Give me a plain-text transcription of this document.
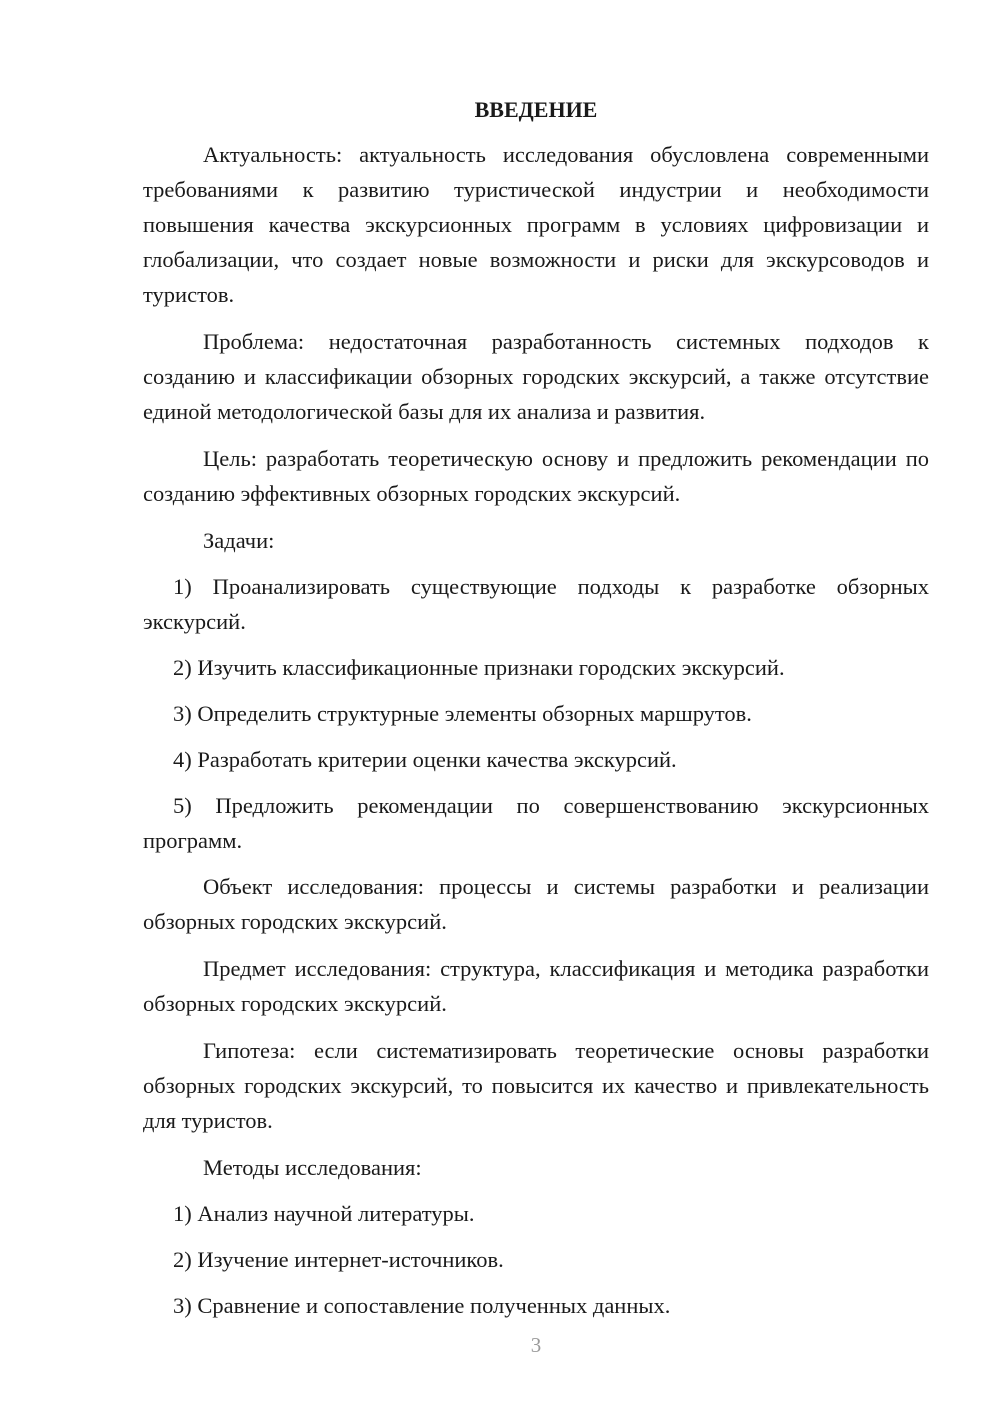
ВВЕДЕНИЕ

Актуальность: актуальность исследования обусловлена современными требованиями к развитию туристической индустрии и необходимости повышения качества экскурсионных программ в условиях цифровизации и глобализации, что создает новые возможности и риски для экскурсоводов и туристов.

Проблема: недостаточная разработанность системных подходов к созданию и классификации обзорных городских экскурсий, а также отсутствие единой методологической базы для их анализа и развития.

Цель: разработать теоретическую основу и предложить рекомендации по созданию эффективных обзорных городских экскурсий.

Задачи:

1) Проанализировать существующие подходы к разработке обзорных экскурсий.

2) Изучить классификационные признаки городских экскурсий.

3) Определить структурные элементы обзорных маршрутов.

4) Разработать критерии оценки качества экскурсий.

5) Предложить рекомендации по совершенствованию экскурсионных программ.

Объект исследования: процессы и системы разработки и реализации обзорных городских экскурсий.

Предмет исследования: структура, классификация и методика разработки обзорных городских экскурсий.

Гипотеза: если систематизировать теоретические основы разработки обзорных городских экскурсий, то повысится их качество и привлекательность для туристов.

Методы исследования:

1) Анализ научной литературы.

2) Изучение интернет-источников.

3) Сравнение и сопоставление полученных данных.

3
